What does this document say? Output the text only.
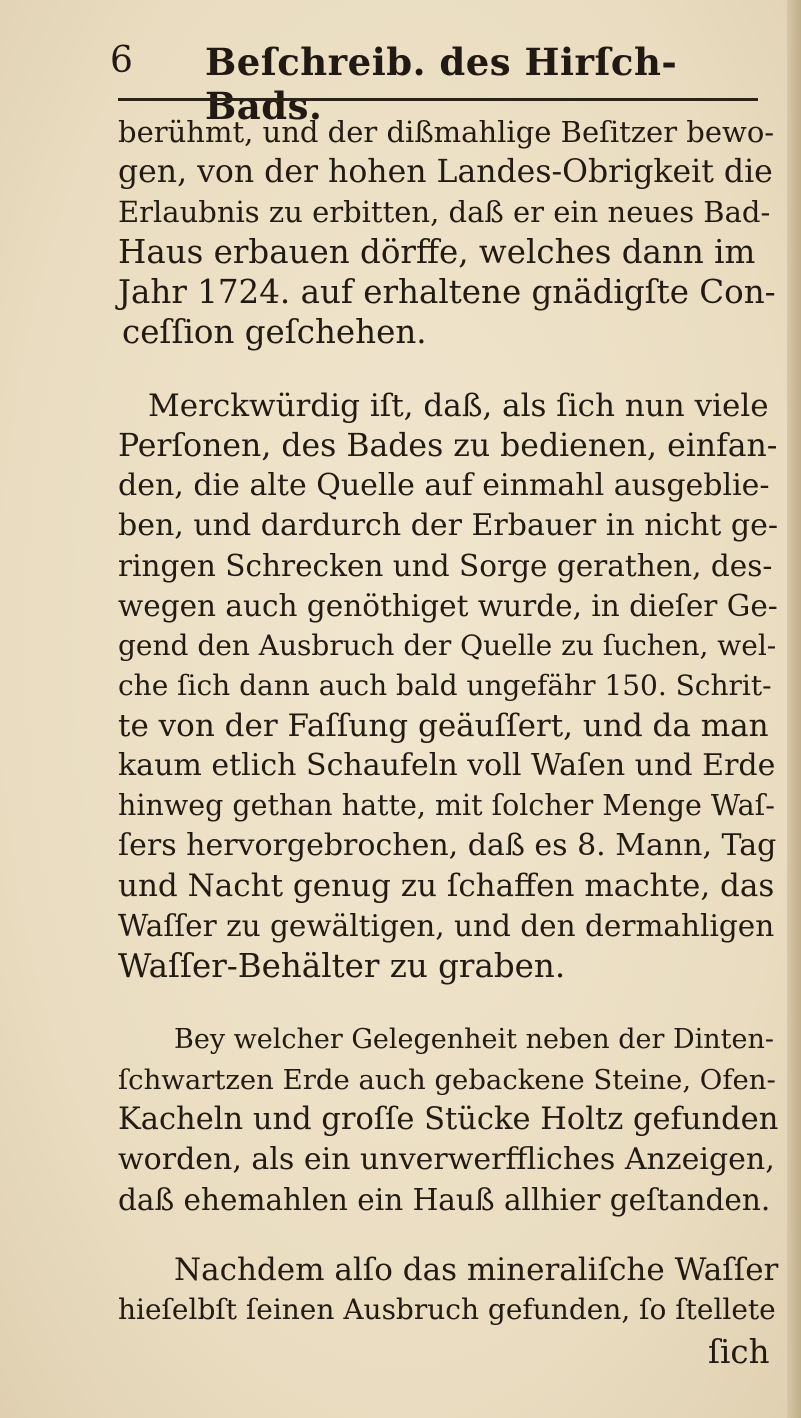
6 Beſchreib. des Hirſch-Bads.
berühmt, und der dißmahlige Beſitzer bewo-
gen, von der hohen Landes-Obrigkeit die
Erlaubnis zu erbitten, daß er ein neues Bad-
Haus erbauen dörffe, welches dann im
Jahr 1724. auf erhaltene gnädigſte Con-
ceſſion geſchehen.
Merckwürdig iſt, daß, als ſich nun viele
Perſonen, des Bades zu bedienen, einfan-
den, die alte Quelle auf einmahl ausgeblie-
ben, und dardurch der Erbauer in nicht ge-
ringen Schrecken und Sorge gerathen, des-
wegen auch genöthiget wurde, in dieſer Ge-
gend den Ausbruch der Quelle zu ſuchen, wel-
che ſich dann auch bald ungefähr 150. Schrit-
te von der Faſſung geäuſſert, und da man
kaum etlich Schaufeln voll Waſen und Erde
hinweg gethan hatte, mit ſolcher Menge Waſ-
ſers hervorgebrochen, daß es 8. Mann, Tag
und Nacht genug zu ſchaffen machte, das
Waſſer zu gewältigen, und den dermahligen
Waſſer-Behälter zu graben.
Bey welcher Gelegenheit neben der Dinten-
ſchwartzen Erde auch gebackene Steine, Ofen-
Kacheln und groſſe Stücke Holtz gefunden
worden, als ein unverwerffliches Anzeigen,
daß ehemahlen ein Hauß allhier geſtanden.
Nachdem alſo das mineraliſche Waſſer
hieſelbſt ſeinen Ausbruch gefunden, ſo ſtellete
ſich
